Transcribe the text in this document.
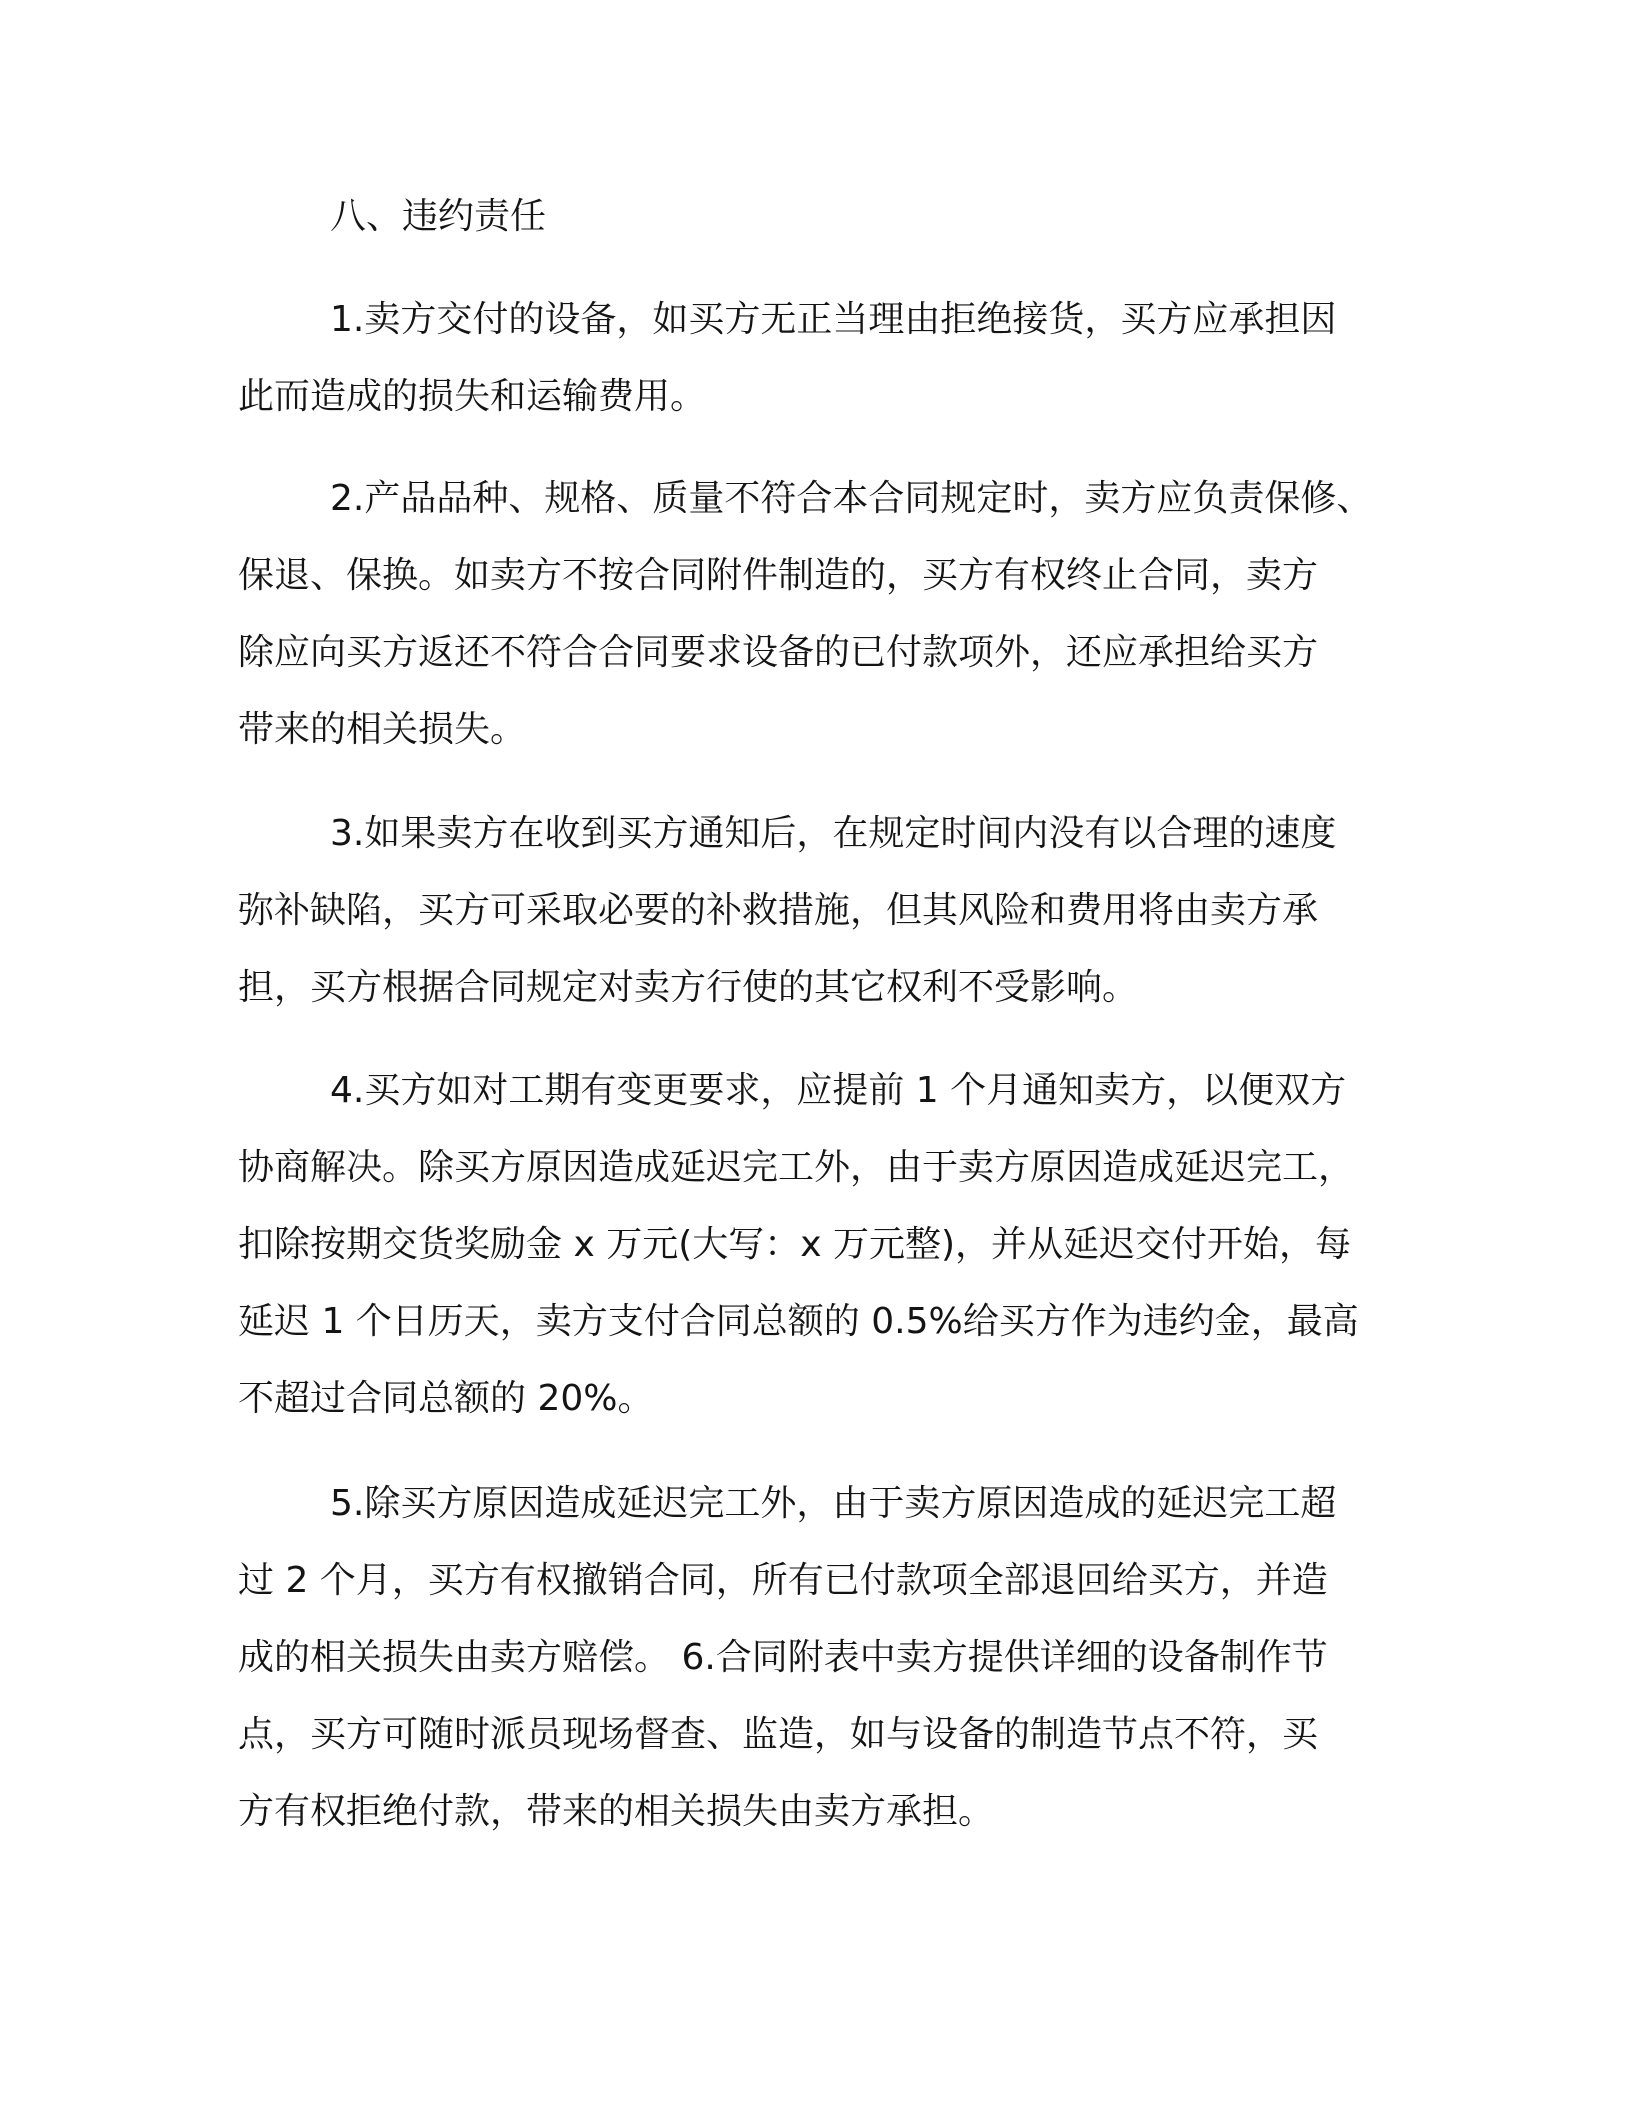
八、违约责任
1.卖方交付的设备，如买方无正当理由拒绝接货，买方应承担因
此而造成的损失和运输费用。
2.产品品种、规格、质量不符合本合同规定时，卖方应负责保修、
保退、保换。如卖方不按合同附件制造的，买方有权终止合同，卖方
除应向买方返还不符合合同要求设备的已付款项外，还应承担给买方
带来的相关损失。
3.如果卖方在收到买方通知后，在规定时间内没有以合理的速度
弥补缺陷，买方可采取必要的补救措施，但其风险和费用将由卖方承
担，买方根据合同规定对卖方行使的其它权利不受影响。
4.买方如对工期有变更要求，应提前 1 个月通知卖方，以便双方
协商解决。除买方原因造成延迟完工外，由于卖方原因造成延迟完工，
扣除按期交货奖励金 x 万元(大写：x 万元整)，并从延迟交付开始，每
延迟 1 个日历天，卖方支付合同总额的 0.5%给买方作为违约金，最高
不超过合同总额的 20%。
5.除买方原因造成延迟完工外，由于卖方原因造成的延迟完工超
过 2 个月，买方有权撤销合同，所有已付款项全部退回给买方，并造
成的相关损失由卖方赔偿。 6.合同附表中卖方提供详细的设备制作节
点，买方可随时派员现场督查、监造，如与设备的制造节点不符，买
方有权拒绝付款，带来的相关损失由卖方承担。
